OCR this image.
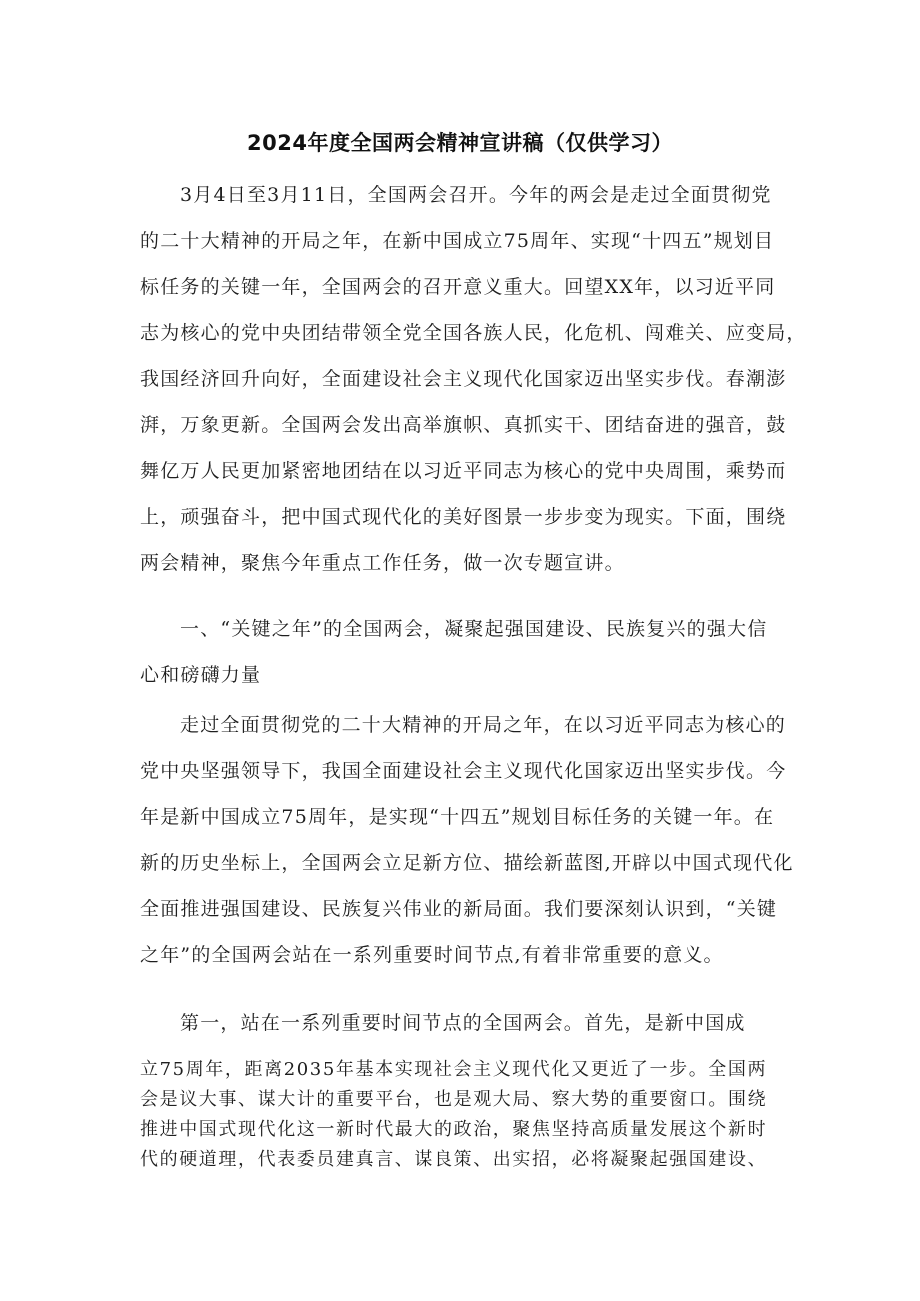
2024年度全国两会精神宣讲稿（仅供学习）
3月4日至3月11日，全国两会召开。今年的两会是走过全面贯彻党
的二十大精神的开局之年，在新中国成立75周年、实现“十四五”规划目
标任务的关键一年，全国两会的召开意义重大。回望XX年，以习近平同
志为核心的党中央团结带领全党全国各族人民，化危机、闯难关、应变局，
我国经济回升向好，全面建设社会主义现代化国家迈出坚实步伐。春潮澎
湃，万象更新。全国两会发出高举旗帜、真抓实干、团结奋进的强音，鼓
舞亿万人民更加紧密地团结在以习近平同志为核心的党中央周围，乘势而
上，顽强奋斗，把中国式现代化的美好图景一步步变为现实。下面，围绕
两会精神，聚焦今年重点工作任务，做一次专题宣讲。
一、“关键之年”的全国两会，凝聚起强国建设、民族复兴的强大信
心和磅礴力量
走过全面贯彻党的二十大精神的开局之年，在以习近平同志为核心的
党中央坚强领导下，我国全面建设社会主义现代化国家迈出坚实步伐。今
年是新中国成立75周年，是实现“十四五”规划目标任务的关键一年。在
新的历史坐标上，全国两会立足新方位、描绘新蓝图,开辟以中国式现代化
全面推进强国建设、民族复兴伟业的新局面。我们要深刻认识到，“关键
之年”的全国两会站在一系列重要时间节点,有着非常重要的意义。
第一，站在一系列重要时间节点的全国两会。首先，是新中国成
立75周年，距离2035年基本实现社会主义现代化又更近了一步。全国两
会是议大事、谋大计的重要平台，也是观大局、察大势的重要窗口。围绕
推进中国式现代化这一新时代最大的政治，聚焦坚持高质量发展这个新时
代的硬道理，代表委员建真言、谋良策、出实招，必将凝聚起强国建设、
